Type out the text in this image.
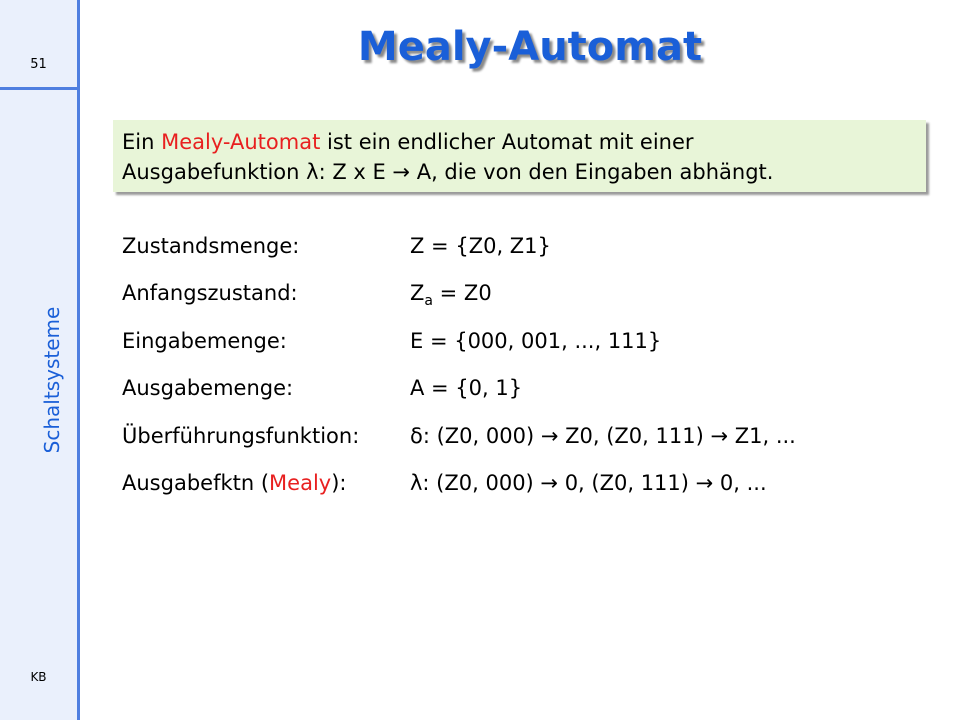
51
Schaltsysteme
KB
Mealy-Automat
Ein Mealy-Automat ist ein endlicher Automat mit einer
Ausgabefunktion λ: Z x E → A, die von den Eingaben abhängt.
Zustandsmenge:	Z = {Z0, Z1}
Anfangszustand:	$Z_a = Z0$
Eingabemenge:	E = {000, 001, ..., 111}
Ausgabemenge:	A = {0, 1}
Überführungsfunktion: δ: (Z0, 000) → Z0, (Z0, 111) → Z1, ...
Ausgabefktn (Mealy):	λ: (Z0, 000) → 0, (Z0, 111) → 0, ...
